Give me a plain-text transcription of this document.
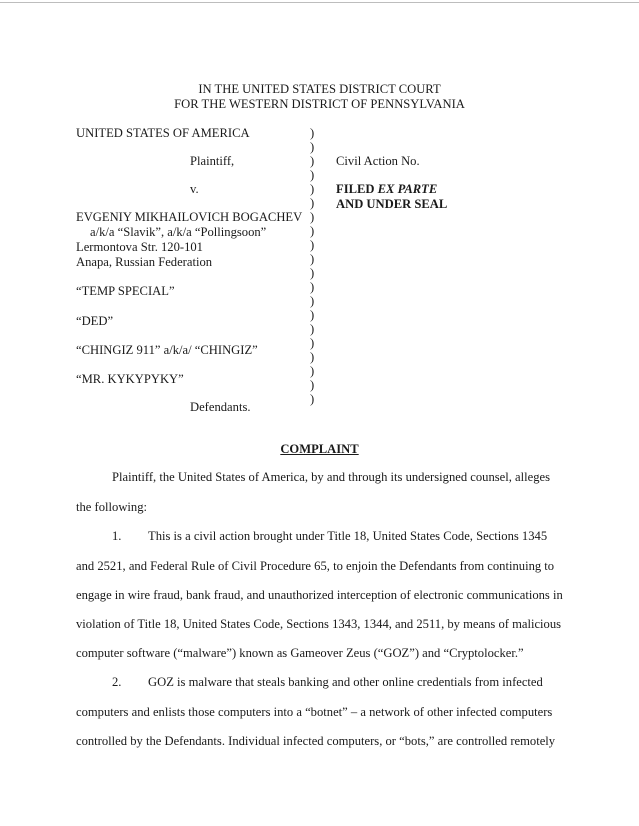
IN THE UNITED STATES DISTRICT COURT
FOR THE WESTERN DISTRICT OF PENNSYLVANIA
UNITED STATES OF AMERICA
Plaintiff,
v.
EVGENIY MIKHAILOVICH BOGACHEV
a/k/a “Slavik”, a/k/a “Pollingsoon”
Lermontova Str. 120-101
Anapa, Russian Federation
“TEMP SPECIAL”
“DED”
“CHINGIZ 911” a/k/a/ “CHINGIZ”
“MR. KYKYPYKY”
Defendants.
)
)
)
)
)
)
)
)
)
)
)
)
)
)
)
)
)
)
)
)
Civil Action No.
FILED EX PARTE
AND UNDER SEAL
COMPLAINT
Plaintiff, the United States of America, by and through its undersigned counsel, alleges
the following:
1. This is a civil action brought under Title 18, United States Code, Sections 1345
and 2521, and Federal Rule of Civil Procedure 65, to enjoin the Defendants from continuing to
engage in wire fraud, bank fraud, and unauthorized interception of electronic communications in
violation of Title 18, United States Code, Sections 1343, 1344, and 2511, by means of malicious
computer software (“malware”) known as Gameover Zeus (“GOZ”) and “Cryptolocker.”
2. GOZ is malware that steals banking and other online credentials from infected
computers and enlists those computers into a “botnet” – a network of other infected computers
controlled by the Defendants. Individual infected computers, or “bots,” are controlled remotely
